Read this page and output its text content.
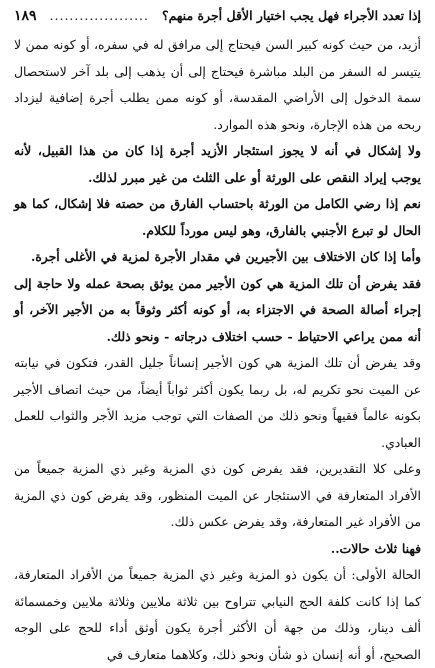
إذا تعدد الأجراء فهل يجب اختيار الأقل أجرة منهم؟
....................
١٨٩

أزيد، من حيث كونه كبير السن فيحتاج إلى مرافق له في سفره، أو كونه ممن لا يتيسر له السفر من البلد مباشرة فيحتاج إلى أن يذهب إلى بلد آخر لاستحصال سمة الدخول إلى الأراضي المقدسة، أو كونه ممن يطلب أجرة إضافية ليزداد ربحه من هذه الإجارة، ونحو هذه الموارد.

ولا إشكال في أنه لا يجوز استئجار الأزيد أجرة إذا كان من هذا القبيل، لأنه يوجب إيراد النقص على الورثة أو على الثلث من غير مبرر لذلك.

نعم إذا رضي الكامل من الورثة باحتساب الفارق من حصته فلا إشكال، كما هو الحال لو تبرع الأجنبي بالفارق، وهو ليس مورداً للكلام.

وأما إذا كان الاختلاف بين الأجيرين في مقدار الأجرة لمزية في الأغلى أجرة.

فقد يفرض أن تلك المزية هي كون الأجير ممن يوثق بصحة عمله ولا حاجة إلى إجراء أصالة الصحة في الاجتزاء به، أو كونه أكثر وثوقاً به من الأجير الآخر، أو أنه ممن يراعي الاحتياط - حسب اختلاف درجاته - ونحو ذلك.

وقد يفرض أن تلك المزية هي كون الأجير إنساناً جليل القدر، فتكون في نيابته عن الميت نحو تكريم له، بل ربما يكون أكثر ثواباً أيضاً، من حيث اتصاف الأجير بكونه عالماً فقيهاً ونحو ذلك من الصفات التي توجب مزيد الأجر والثواب للعمل العبادي.

وعلى كلا التقديرين، فقد يفرض كون ذي المزية وغير ذي المزية جميعاً من الأفراد المتعارفة في الاستئجار عن الميت المنظور، وقد يفرض كون ذي المزية من الأفراد غير المتعارفة، وقد يفرض عكس ذلك.

فهنا ثلاث حالات..

الحالة الأولى: أن يكون ذو المزية وغير ذي المزية جميعاً من الأفراد المتعارفة، كما إذا كانت كلفة الحج النيابي تتراوح بين ثلاثة ملايين وثلاثة ملايين وخمسمائة ألف دينار، وذلك من جهة أن الأكثر أجرة يكون أوثق أداء للحج على الوجه الصحيح، أو أنه إنسان ذو شأن ونحو ذلك، وكلاهما متعارف في
